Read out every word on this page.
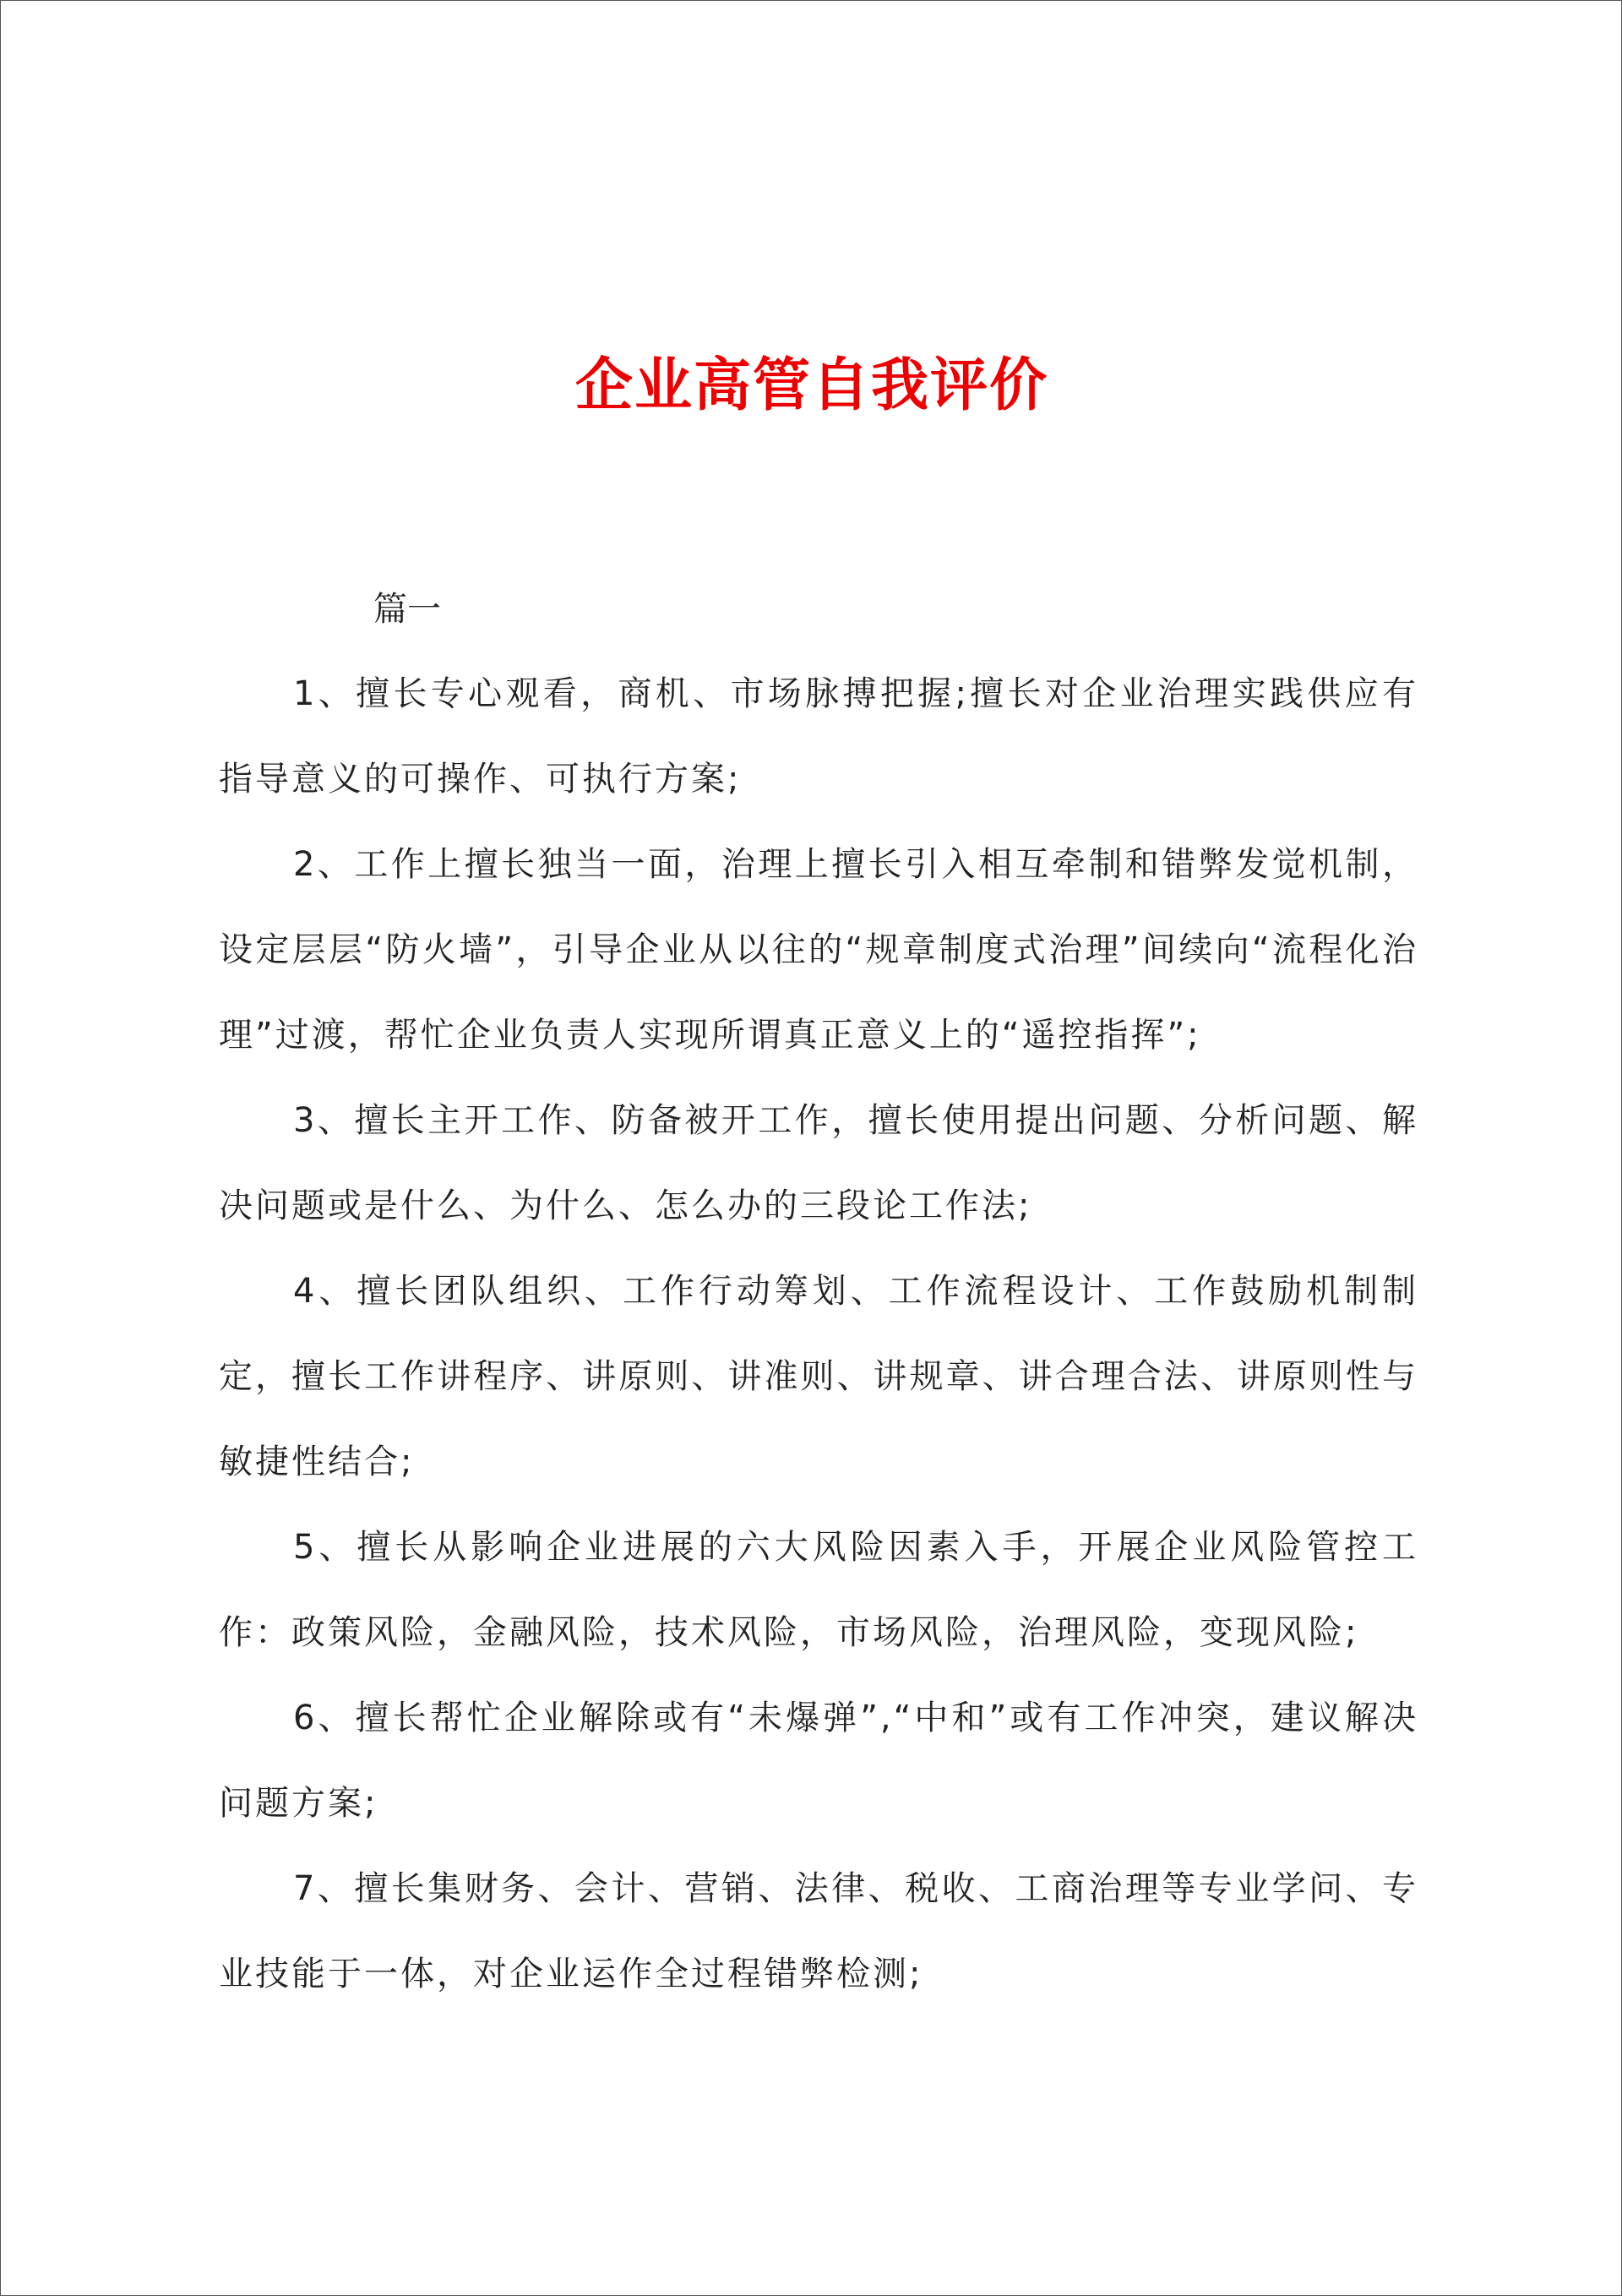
企业高管自我评价

篇一

1、擅长专心观看，商机、市场脉搏把握;擅长对企业治理实践供应有指导意义的可操作、可执行方案;

2、工作上擅长独当一面，治理上擅长引入相互牵制和错弊发觉机制，设定层层“防火墙”，引导企业从以往的“规章制度式治理”间续向“流程化治理”过渡，帮忙企业负责人实现所谓真正意义上的“遥控指挥”;

3、擅长主开工作、防备被开工作，擅长使用提出问题、分析问题、解决问题或是什么、为什么、怎么办的三段论工作法;

4、擅长团队组织、工作行动筹划、工作流程设计、工作鼓励机制制定，擅长工作讲程序、讲原则、讲准则、讲规章、讲合理合法、讲原则性与敏捷性结合;

5、擅长从影响企业进展的六大风险因素入手，开展企业风险管控工作：政策风险，金融风险，技术风险，市场风险，治理风险，变现风险;

6、擅长帮忙企业解除或有“未爆弹”,“中和”或有工作冲突，建议解决问题方案;

7、擅长集财务、会计、营销、法律、税收、工商治理等专业学问、专业技能于一体，对企业运作全过程错弊检测;
